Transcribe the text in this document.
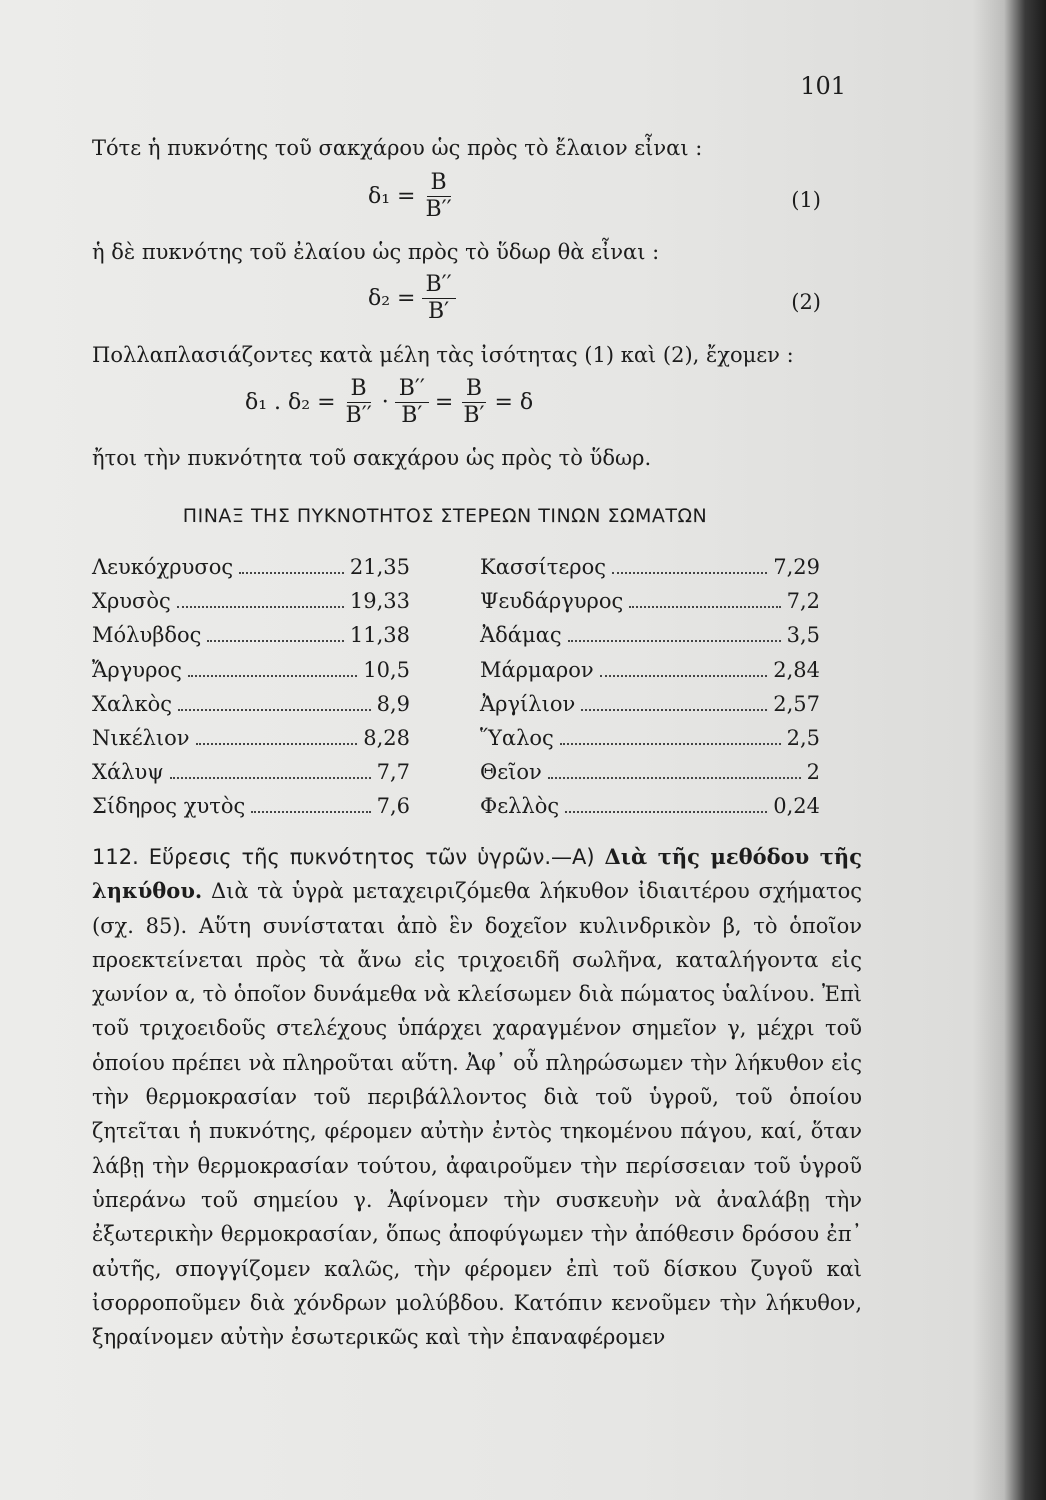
101
Τότε ἡ πυκνότης τοῦ σακχάρου ὡς πρὸς τὸ ἔλαιον εἶναι :
$\delta_1 = \frac{B}{B''}$	(1)
ἡ δὲ πυκνότης τοῦ ἐλαίου ὡς πρὸς τὸ ὕδωρ θὰ εἶναι :
$\delta_2 = \frac{B''}{B'}$	(2)
Πολλαπλασιάζοντες κατὰ μέλη τὰς ἰσότητας (1) καὶ (2), ἔχομεν :
δ₁ . $\delta_2 = \frac{B}{B''} \cdot \frac{B''}{B'} = \frac{B}{B'} = \delta$
ἤτοι τὴν πυκνότητα τοῦ σακχάρου ὡς πρὸς τὸ ὕδωρ.
ΠΙΝΑΞ ΤΗΣ ΠΥΚΝΟΤΗΤΟΣ ΣΤΕΡΕΩΝ ΤΙΝΩΝ ΣΩΜΑΤΩΝ
Λευκόχρυσος	21,35
Χρυσὸς	19,33
Μόλυβδος	11,38
Ἄργυρος	10,5
Χαλκὸς	8,9
Νικέλιον	8,28
Χάλυψ	7,7
Σίδηρος χυτὸς	7,6
Κασσίτερος	7,29
Ψευδάργυρος	7,2
Ἀδάμας	3,5
Μάρμαρον	2,84
Ἀργίλιον	2,57
Ὕαλος	2,5
Θεῖον	2
Φελλὸς	0,24
112. Εὕρεσις τῆς πυκνότητος τῶν ὑγρῶν.—Α) Διὰ τῆς μεθόδου τῆς ληκύθου. Διὰ τὰ ὑγρὰ μεταχειριζόμεθα λήκυθον ἰδιαιτέρου σχήματος (σχ. 85). Αὕτη συνίσταται ἀπὸ ἓν δοχεῖον κυλινδρικὸν β, τὸ ὁποῖον προεκτείνεται πρὸς τὰ ἄνω εἰς τριχοειδῆ σωλῆνα, καταλήγοντα εἰς χωνίον α, τὸ ὁποῖον δυνάμεθα νὰ κλείσωμεν διὰ πώματος ὑαλίνου. Ἐπὶ τοῦ τριχοειδοῦς στελέχους ὑπάρχει χαραγμένον σημεῖον γ, μέχρι τοῦ ὁποίου πρέπει νὰ πληροῦται αὕτη. Ἀφ᾿ οὗ πληρώσωμεν τὴν λήκυθον εἰς τὴν θερμοκρασίαν τοῦ περιβάλλοντος διὰ τοῦ ὑγροῦ, τοῦ ὁποίου ζητεῖται ἡ πυκνότης, φέρομεν αὐτὴν ἐντὸς τηκομένου πάγου, καί, ὅταν λάβῃ τὴν θερμοκρασίαν τούτου, ἀφαιροῦμεν τὴν περίσσειαν τοῦ ὑγροῦ ὑπεράνω τοῦ σημείου γ. Ἀφίνομεν τὴν συσκευὴν νὰ ἀναλάβῃ τὴν ἐξωτερικὴν θερμοκρασίαν, ὅπως ἀποφύγωμεν τὴν ἀπόθεσιν δρόσου ἐπ᾿ αὐτῆς, σπογγίζομεν καλῶς, τὴν φέρομεν ἐπὶ τοῦ δίσκου ζυγοῦ καὶ ἰσορροποῦμεν διὰ χόνδρων μολύβδου. Κατόπιν κενοῦμεν τὴν λήκυθον, ξηραίνομεν αὐτὴν ἐσωτερικῶς καὶ τὴν ἐπαναφέρομεν
